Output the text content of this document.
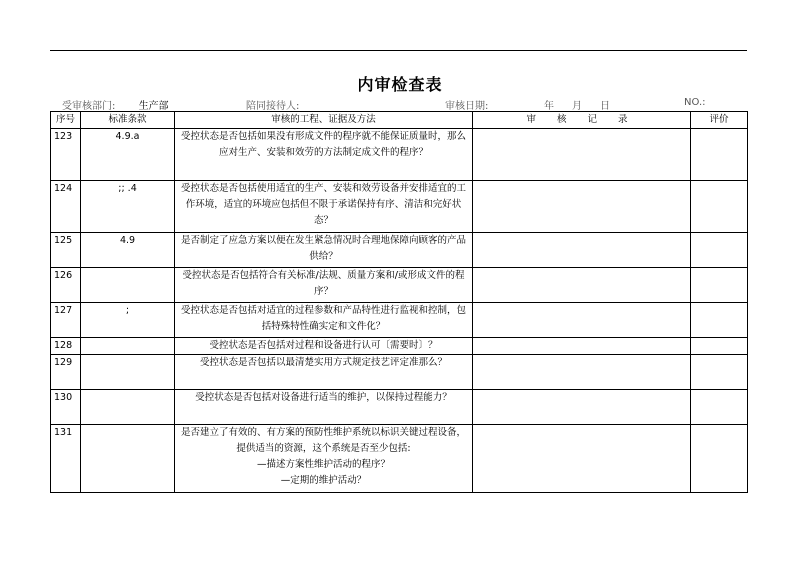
内审检查表
受审核部门: 生产部	陪同接待人:	审核日期:	年 月 日	NO.:
序号	标准条款	审核的工程、证据及方法	审 核 记 录	评价
123	4.9.a	受控状态是否包括如果没有形成文件的程序就不能保证质量时，那么应对生产、安装和效劳的方法制定成文件的程序？		
124	;; .4	受控状态是否包括使用适宜的生产、安装和效劳设备并安排适宜的工作环境，适宜的环境应包括但不限于承诺保持有序、清洁和完好状态？		
125	4.9	是否制定了应急方案以便在发生紧急情况时合理地保障向顾客的产品供给？		
126		受控状态是否包括符合有关标准/法规、质量方案和/或形成文件的程序？		
127	;	受控状态是否包括对适宜的过程参数和产品特性进行监视和控制，包括特殊特性确实定和文件化？		
128		受控状态是否包括对过程和设备进行认可〔需要时〕？		
129		受控状态是否包括以最清楚实用方式规定技艺评定准那么？		
130		受控状态是否包括对设备进行适当的维护，以保持过程能力？		
131		是否建立了有效的、有方案的预防性维护系统以标识关键过程设备，提供适当的资源，这个系统是否至少包括:
—描述方案性维护活动的程序？
—定期的维护活动？		
